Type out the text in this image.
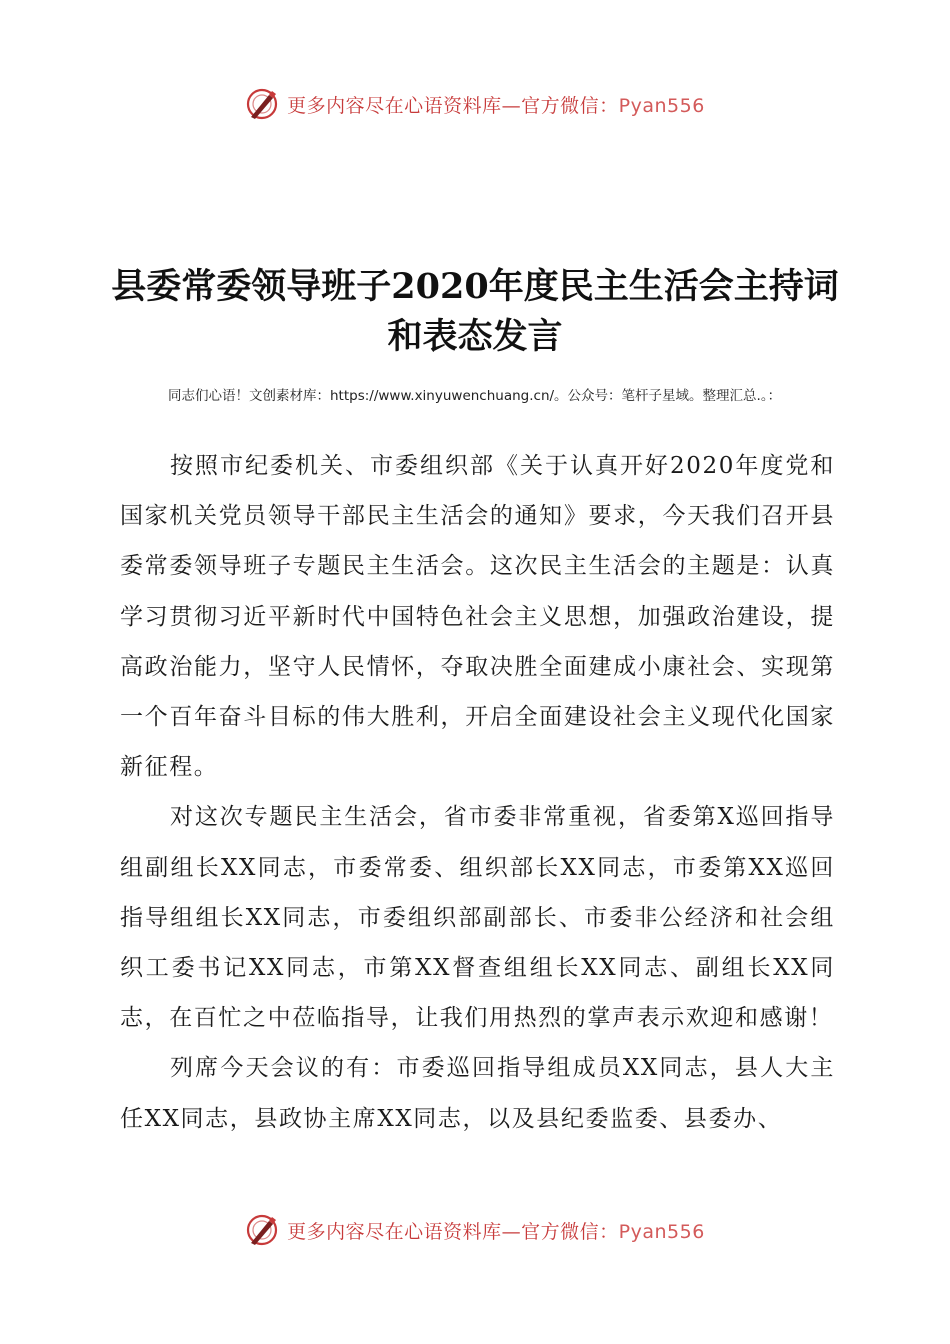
更多内容尽在心语资料库—官方微信：Pyan556
县委常委领导班子2020年度民主生活会主持词和表态发言
同志们心语！文创素材库：https://www.xinyuwenchuang.cn/。公众号：笔杆子星域。整理汇总.。：

按照市纪委机关、市委组织部《关于认真开好2020年度党和国家机关党员领导干部民主生活会的通知》要求，今天我们召开县委常委领导班子专题民主生活会。这次民主生活会的主题是：认真学习贯彻习近平新时代中国特色社会主义思想，加强政治建设，提高政治能力，坚守人民情怀，夺取决胜全面建成小康社会、实现第一个百年奋斗目标的伟大胜利，开启全面建设社会主义现代化国家新征程。

对这次专题民主生活会，省市委非常重视，省委第X巡回指导组副组长XX同志，市委常委、组织部长XX同志，市委第XX巡回指导组组长XX同志，市委组织部副部长、市委非公经济和社会组织工委书记XX同志，市第XX督查组组长XX同志、副组长XX同志，在百忙之中莅临指导，让我们用热烈的掌声表示欢迎和感谢！

列席今天会议的有：市委巡回指导组成员XX同志，县人大主任XX同志，县政协主席XX同志，以及县纪委监委、县委办、

更多内容尽在心语资料库—官方微信：Pyan556
